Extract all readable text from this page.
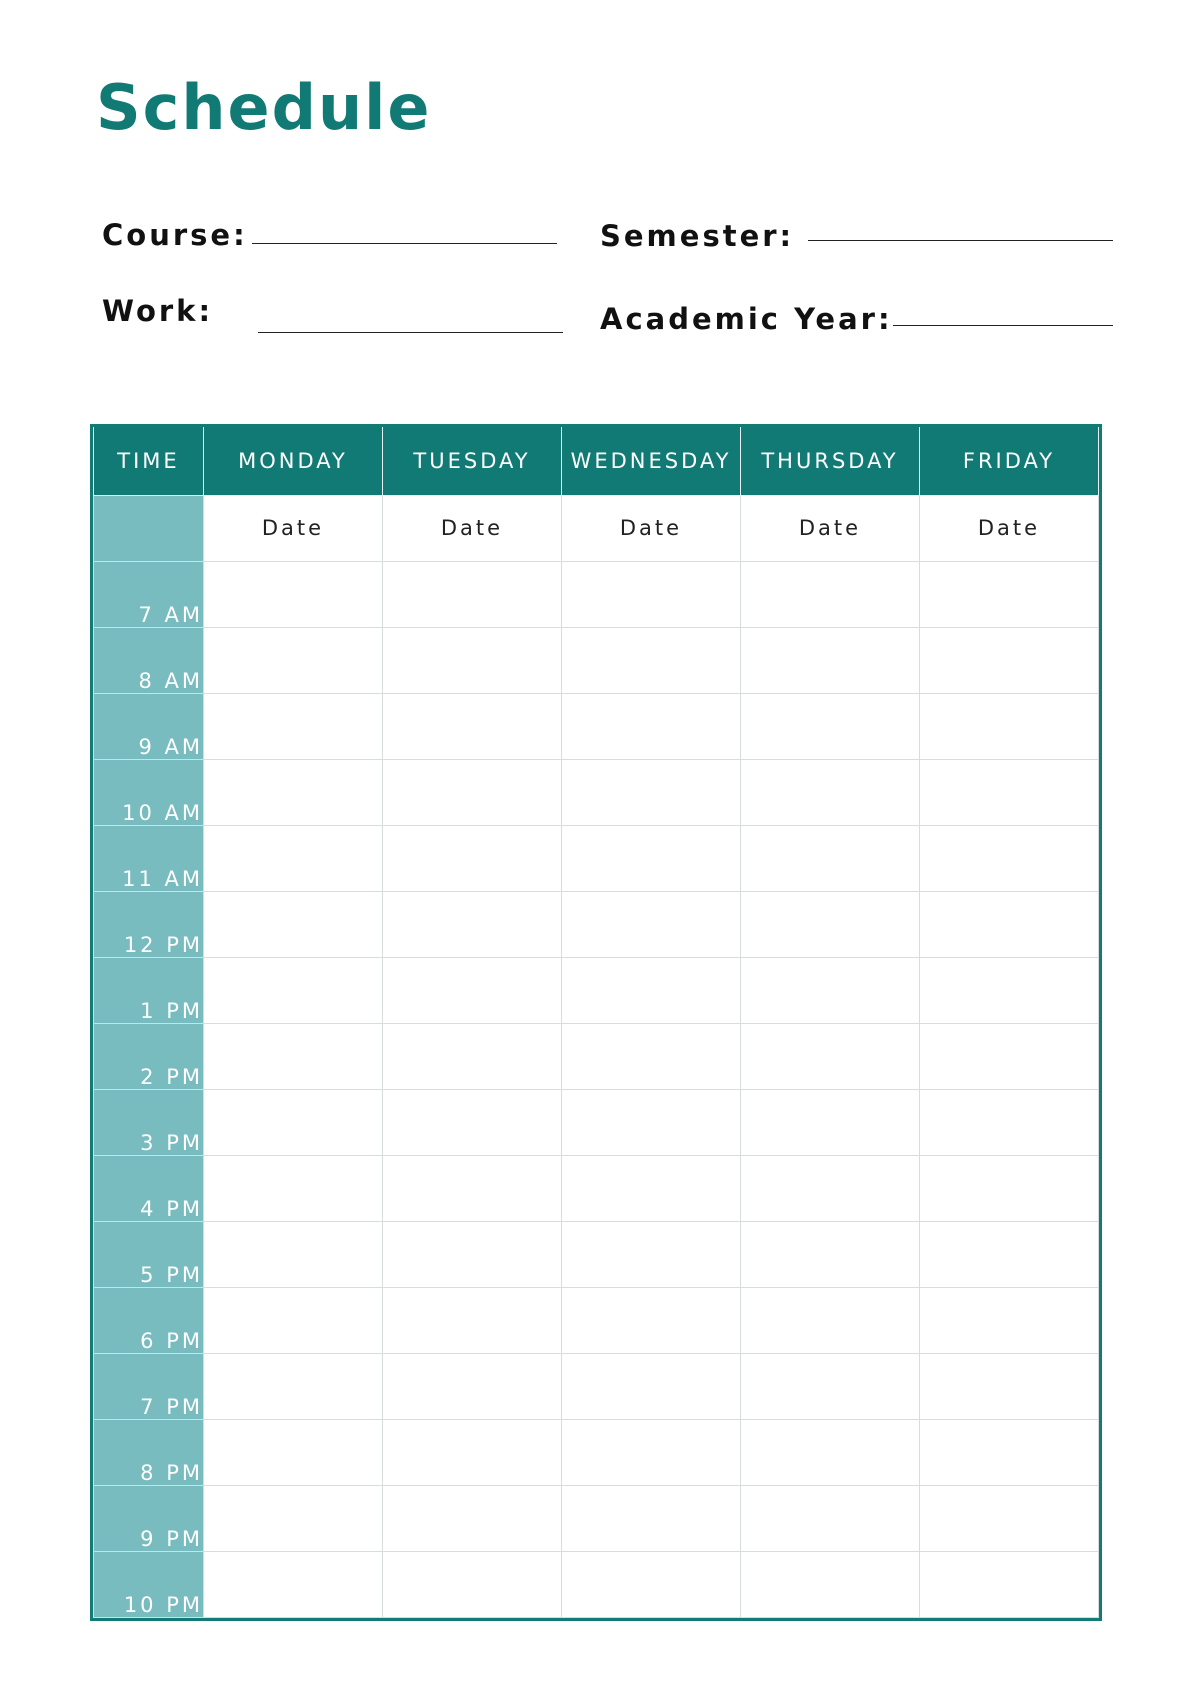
Schedule
Course:	Semester:
Work:	Academic Year:
TIME	MONDAY	TUESDAY	WEDNESDAY	THURSDAY	FRIDAY
	Date	Date	Date	Date	Date
7 AM					
8 AM					
9 AM					
10 AM					
11 AM					
12 PM					
1 PM					
2 PM					
3 PM					
4 PM					
5 PM					
6 PM					
7 PM					
8 PM					
9 PM					
10 PM					
